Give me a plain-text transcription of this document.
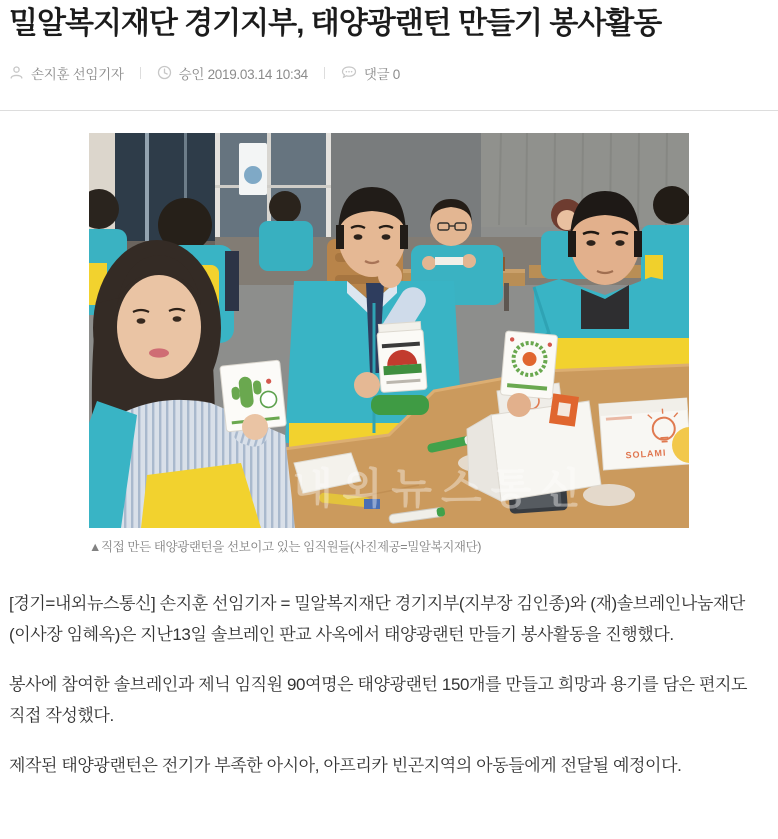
밀알복지재단 경기지부, 태양광랜턴 만들기 봉사활동
손지훈 선임기자	승인 2019.03.14 10:34	댓글 0
SOLAMI
내외뉴스통신
▲직접 만든 태양광랜턴을 선보이고 있는 임직원들(사진제공=밀알복지재단)

[경기=내외뉴스통신] 손지훈 선임기자 = 밀알복지재단 경기지부(지부장 김인종)와 (재)솔브레인나눔재단(이사장 임혜옥)은 지난13일 솔브레인 판교 사옥에서 태양광랜턴 만들기 봉사활동을 진행했다.

봉사에 참여한 솔브레인과 제닉 임직원 90여명은 태양광랜턴 150개를 만들고 희망과 용기를 담은 편지도 직접 작성했다.

제작된 태양광랜턴은 전기가 부족한 아시아, 아프리카 빈곤지역의 아동들에게 전달될 예정이다.
